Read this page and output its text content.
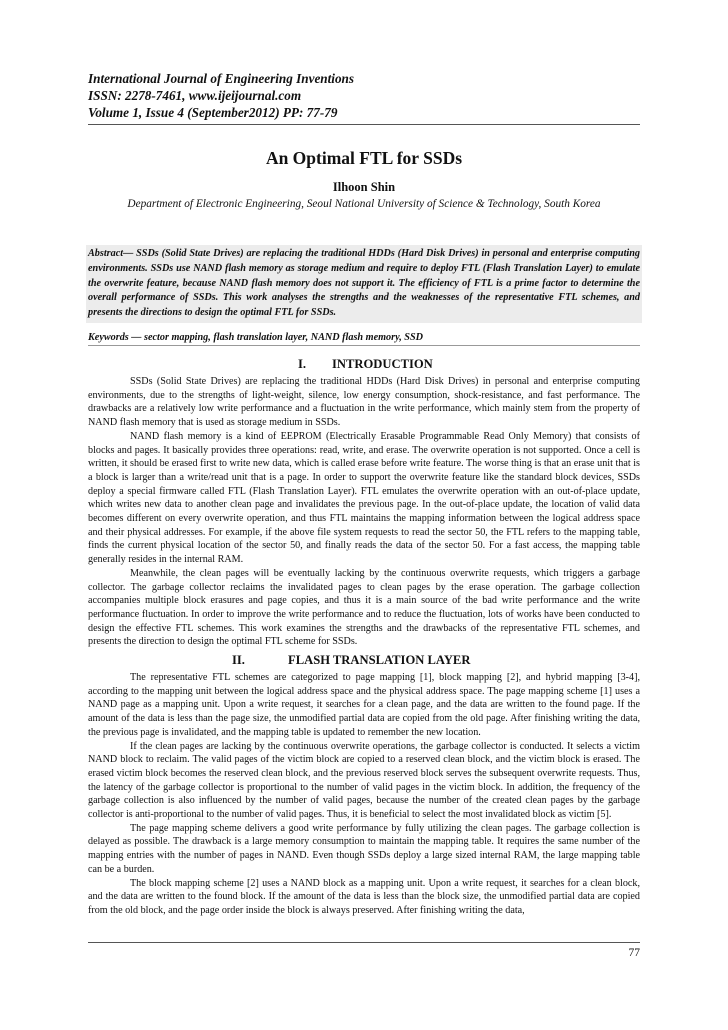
International Journal of Engineering Inventions
ISSN: 2278-7461, www.ijeijournal.com
Volume 1, Issue 4 (September2012) PP: 77-79
An Optimal FTL for SSDs
Ilhoon Shin
Department of Electronic Engineering, Seoul National University of Science & Technology, South Korea
Abstract— SSDs (Solid State Drives) are replacing the traditional HDDs (Hard Disk Drives) in personal and enterprise computing environments. SSDs use NAND flash memory as storage medium and require to deploy FTL (Flash Translation Layer) to emulate the overwrite feature, because NAND flash memory does not support it. The efficiency of FTL is a prime factor to determine the overall performance of SSDs. This work analyses the strengths and the weaknesses of the representative FTL schemes, and presents the directions to design the optimal FTL for SSDs.
Keywords — sector mapping, flash translation layer, NAND flash memory, SSD
I. INTRODUCTION

SSDs (Solid State Drives) are replacing the traditional HDDs (Hard Disk Drives) in personal and enterprise computing environments, due to the strengths of light-weight, silence, low energy consumption, shock-resistance, and fast performance. The drawbacks are a relatively low write performance and a fluctuation in the write performance, which mainly stem from the property of NAND flash memory that is used as storage medium in SSDs.

NAND flash memory is a kind of EEPROM (Electrically Erasable Programmable Read Only Memory) that consists of blocks and pages. It basically provides three operations: read, write, and erase. The overwrite operation is not supported. Once a cell is written, it should be erased first to write new data, which is called erase before write feature. The worse thing is that an erase unit that is a block is larger than a write/read unit that is a page. In order to support the overwrite feature like the standard block devices, SSDs deploy a special firmware called FTL (Flash Translation Layer). FTL emulates the overwrite operation with an out-of-place update, which writes new data to another clean page and invalidates the previous page. In the out-of-place update, the location of valid data becomes different on every overwrite operation, and thus FTL maintains the mapping information between the logical address space and their physical addresses. For example, if the above file system requests to read the sector 50, the FTL refers to the mapping table, finds the current physical location of the sector 50, and finally reads the data of the sector 50. For a fast access, the mapping table generally resides in the internal RAM.

Meanwhile, the clean pages will be eventually lacking by the continuous overwrite requests, which triggers a garbage collector. The garbage collector reclaims the invalidated pages to clean pages by the erase operation. The garbage collection accompanies multiple block erasures and page copies, and thus it is a main source of the bad write performance and the write performance fluctuation. In order to improve the write performance and to reduce the fluctuation, lots of works have been conducted to design the effective FTL schemes. This work examines the strengths and the drawbacks of the representative FTL schemes, and presents the direction to design the optimal FTL scheme for SSDs.

II.	FLASH TRANSLATION LAYER

The representative FTL schemes are categorized to page mapping [1], block mapping [2], and hybrid mapping [3-4], according to the mapping unit between the logical address space and the physical address space. The page mapping scheme [1] uses a NAND page as a mapping unit. Upon a write request, it searches for a clean page, and the data are written to the found page. If the amount of the data is less than the page size, the unmodified partial data are copied from the old page. After finishing writing the data, the previous page is invalidated, and the mapping table is updated to remember the new location.

If the clean pages are lacking by the continuous overwrite operations, the garbage collector is conducted. It selects a victim NAND block to reclaim. The valid pages of the victim block are copied to a reserved clean block, and the victim block is erased. The erased victim block becomes the reserved clean block, and the previous reserved block serves the subsequent overwrite requests. Thus, the latency of the garbage collector is proportional to the number of valid pages in the victim block. In addition, the frequency of the garbage collection is also influenced by the number of valid pages, because the number of the created clean pages by the garbage collector is anti-proportional to the number of valid pages. Thus, it is beneficial to select the most invalidated block as victim [5].

The page mapping scheme delivers a good write performance by fully utilizing the clean pages. The garbage collection is delayed as possible. The drawback is a large memory consumption to maintain the mapping table. It requires the same number of the mapping entries with the number of pages in NAND. Even though SSDs deploy a large sized internal RAM, the large mapping table can be a burden.

The block mapping scheme [2] uses a NAND block as a mapping unit. Upon a write request, it searches for a clean block, and the data are written to the found block. If the amount of the data is less than the block size, the unmodified partial data are copied from the old block, and the page order inside the block is always preserved. After finishing writing the data,

77
